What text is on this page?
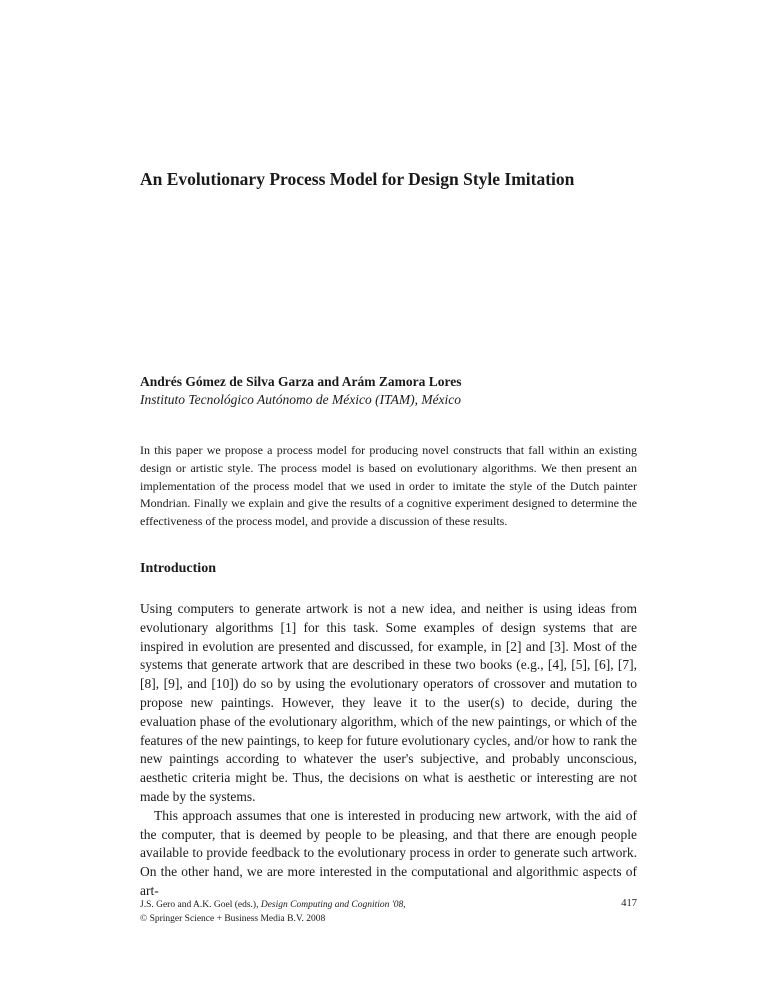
An Evolutionary Process Model for Design Style Imitation
Andrés Gómez de Silva Garza and Arám Zamora Lores
Instituto Tecnológico Autónomo de México (ITAM), México

In this paper we propose a process model for producing novel constructs that fall within an existing design or artistic style. The process model is based on evolutionary algorithms. We then present an implementation of the process model that we used in order to imitate the style of the Dutch painter Mondrian. Finally we explain and give the results of a cognitive experiment designed to determine the effectiveness of the process model, and provide a discussion of these results.

Introduction

Using computers to generate artwork is not a new idea, and neither is using ideas from evolutionary algorithms [1] for this task. Some examples of design systems that are inspired in evolution are presented and discussed, for example, in [2] and [3]. Most of the systems that generate artwork that are described in these two books (e.g., [4], [5], [6], [7], [8], [9], and [10]) do so by using the evolutionary operators of crossover and mutation to propose new paintings. However, they leave it to the user(s) to decide, during the evaluation phase of the evolutionary algorithm, which of the new paintings, or which of the features of the new paintings, to keep for future evolutionary cycles, and/or how to rank the new paintings according to whatever the user's subjective, and probably unconscious, aesthetic criteria might be. Thus, the decisions on what is aesthetic or interesting are not made by the systems.

This approach assumes that one is interested in producing new artwork, with the aid of the computer, that is deemed by people to be pleasing, and that there are enough people available to provide feedback to the evolutionary process in order to generate such artwork. On the other hand, we are more interested in the computational and algorithmic aspects of art-

J.S. Gero and A.K. Goel (eds.), Design Computing and Cognition '08,
© Springer Science + Business Media B.V. 2008
417
